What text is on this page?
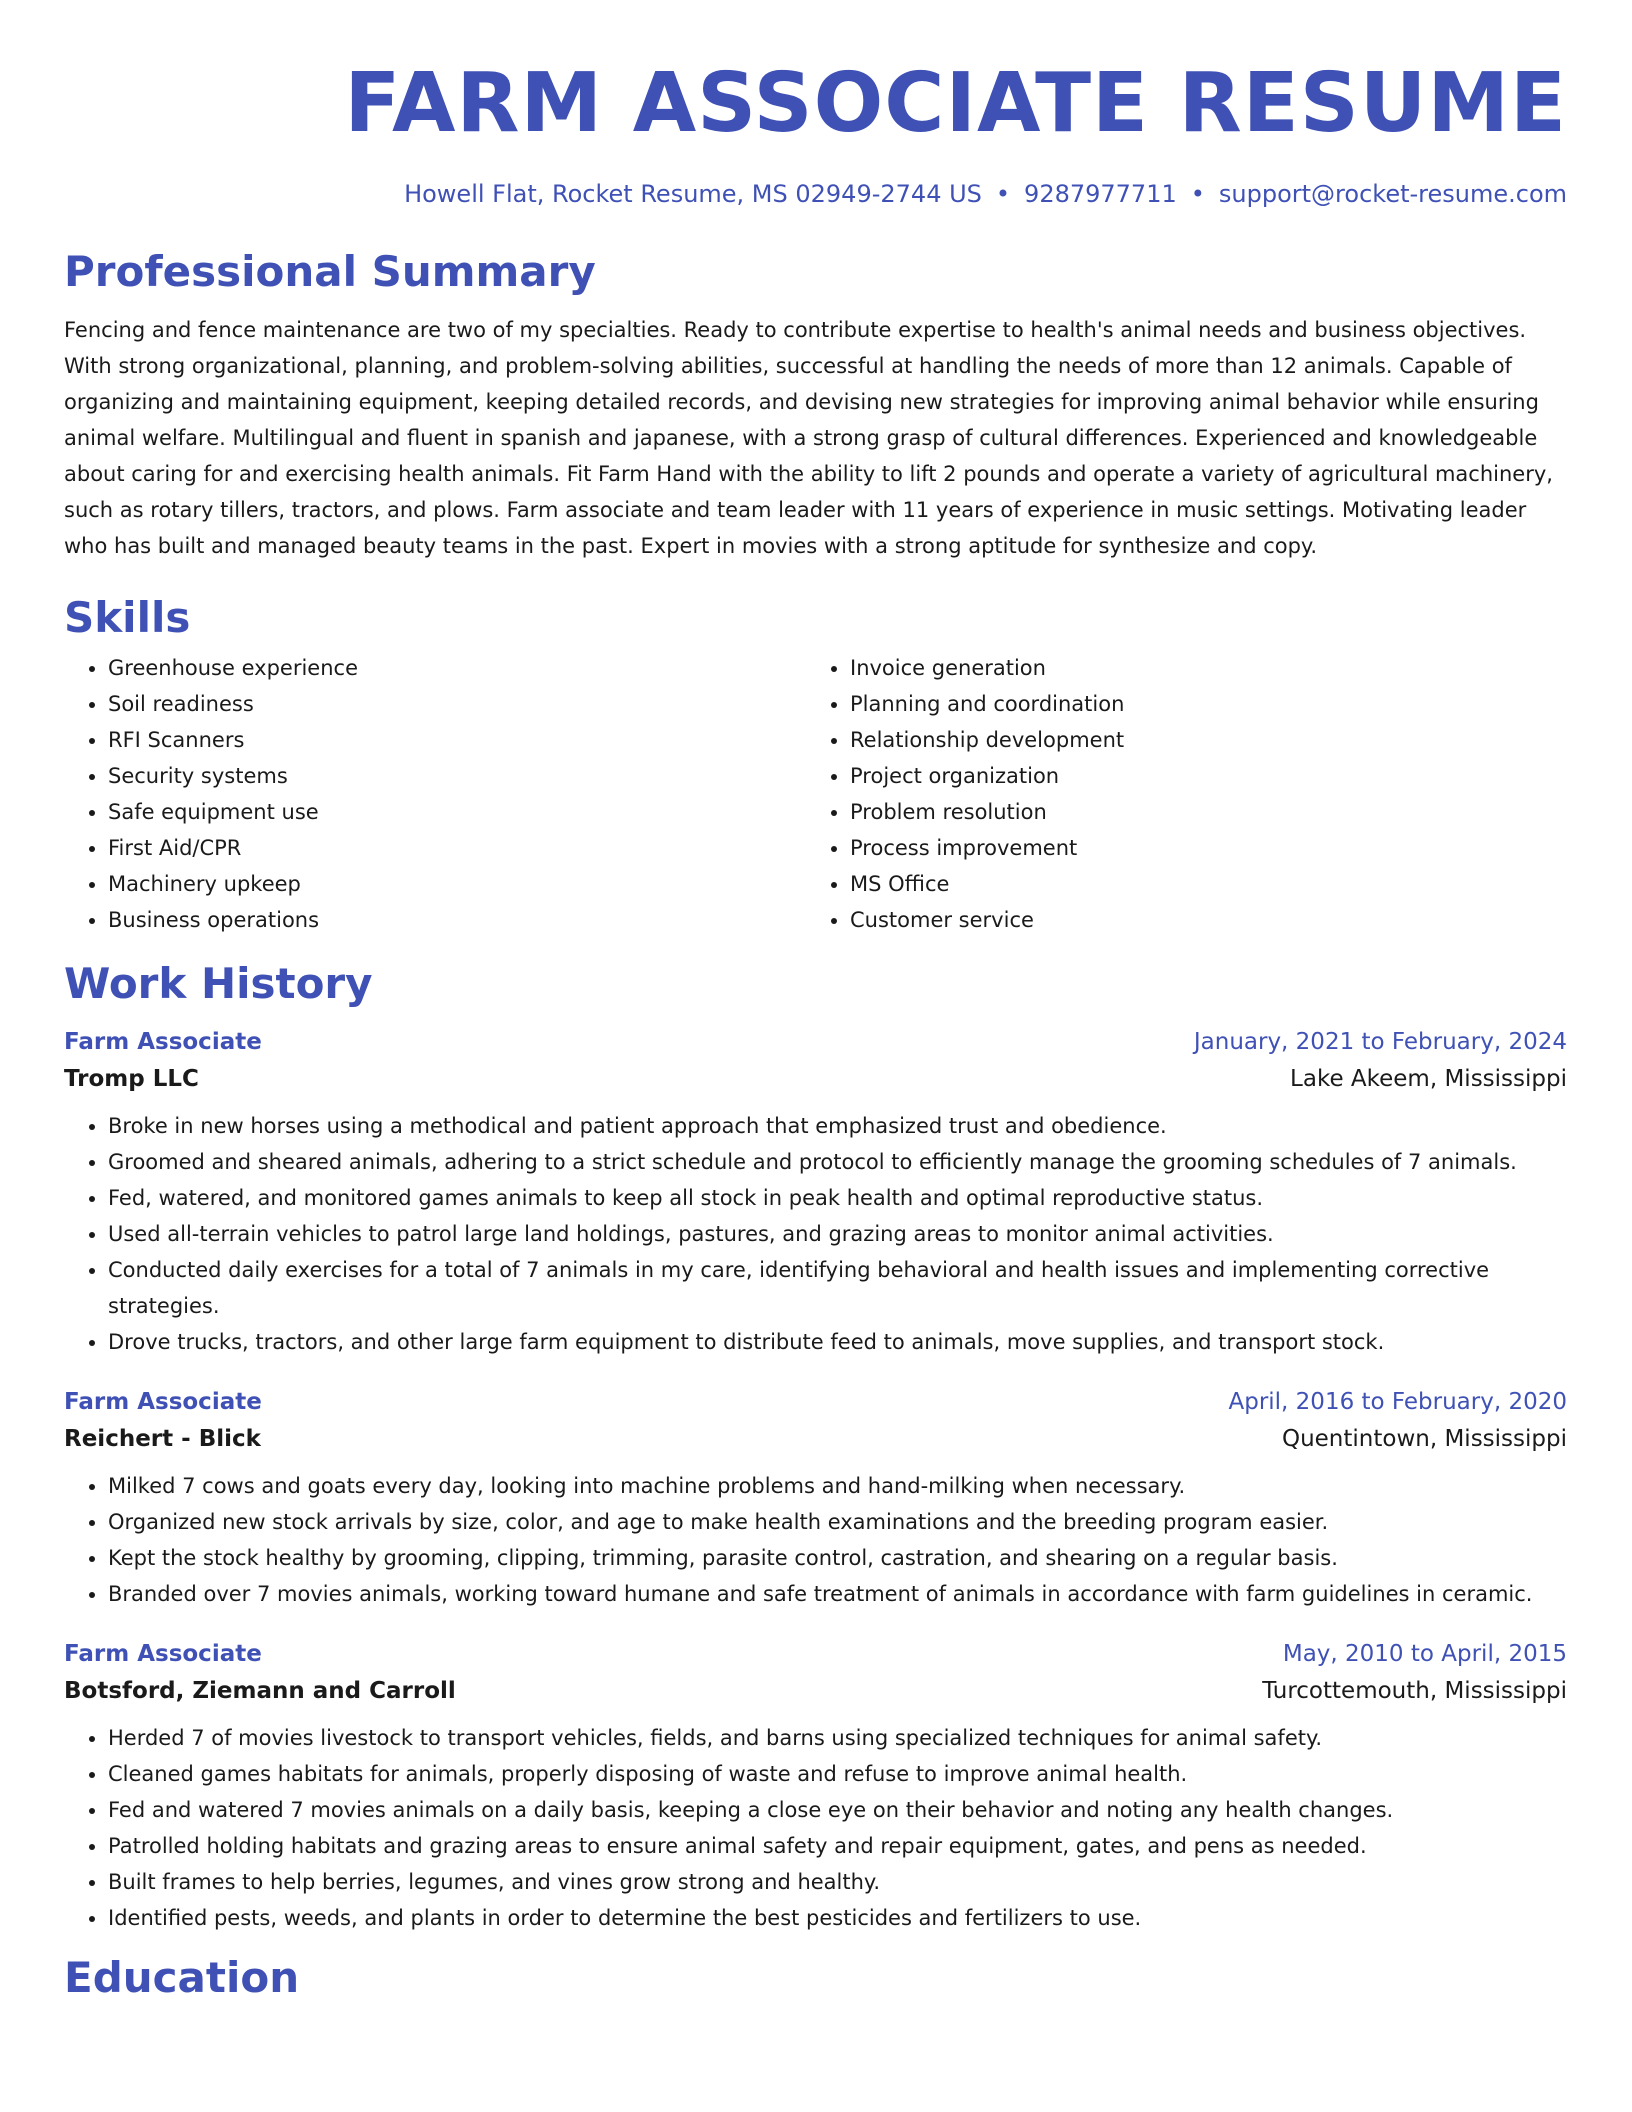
FARM ASSOCIATE RESUME
Howell Flat, Rocket Resume, MS 02949-2744 US • 9287977711 • support@rocket-resume.com
Professional Summary

Fencing and fence maintenance are two of my specialties. Ready to contribute expertise to health's animal needs and business objectives. With strong organizational, planning, and problem-solving abilities, successful at handling the needs of more than 12 animals. Capable of organizing and maintaining equipment, keeping detailed records, and devising new strategies for improving animal behavior while ensuring animal welfare. Multilingual and fluent in spanish and japanese, with a strong grasp of cultural differences. Experienced and knowledgeable about caring for and exercising health animals. Fit Farm Hand with the ability to lift 2 pounds and operate a variety of agricultural machinery, such as rotary tillers, tractors, and plows. Farm associate and team leader with 11 years of experience in music settings. Motivating leader who has built and managed beauty teams in the past. Expert in movies with a strong aptitude for synthesize and copy.

Skills
• Greenhouse experience
• Soil readiness
• RFI Scanners
• Security systems
• Safe equipment use
• First Aid/CPR
• Machinery upkeep
• Business operations
• Invoice generation
• Planning and coordination
• Relationship development
• Project organization
• Problem resolution
• Process improvement
• MS Office
• Customer service
Work History
Farm Associate	January, 2021 to February, 2024
Tromp LLC	Lake Akeem, Mississippi
• Broke in new horses using a methodical and patient approach that emphasized trust and obedience.
• Groomed and sheared animals, adhering to a strict schedule and protocol to efficiently manage the grooming schedules of 7 animals.
• Fed, watered, and monitored games animals to keep all stock in peak health and optimal reproductive status.
• Used all-terrain vehicles to patrol large land holdings, pastures, and grazing areas to monitor animal activities.
• Conducted daily exercises for a total of 7 animals in my care, identifying behavioral and health issues and implementing corrective strategies.
• Drove trucks, tractors, and other large farm equipment to distribute feed to animals, move supplies, and transport stock.
Farm Associate	April, 2016 to February, 2020
Reichert - Blick	Quentintown, Mississippi
• Milked 7 cows and goats every day, looking into machine problems and hand-milking when necessary.
• Organized new stock arrivals by size, color, and age to make health examinations and the breeding program easier.
• Kept the stock healthy by grooming, clipping, trimming, parasite control, castration, and shearing on a regular basis.
• Branded over 7 movies animals, working toward humane and safe treatment of animals in accordance with farm guidelines in ceramic.
Farm Associate	May, 2010 to April, 2015
Botsford, Ziemann and Carroll	Turcottemouth, Mississippi
• Herded 7 of movies livestock to transport vehicles, fields, and barns using specialized techniques for animal safety.
• Cleaned games habitats for animals, properly disposing of waste and refuse to improve animal health.
• Fed and watered 7 movies animals on a daily basis, keeping a close eye on their behavior and noting any health changes.
• Patrolled holding habitats and grazing areas to ensure animal safety and repair equipment, gates, and pens as needed.
• Built frames to help berries, legumes, and vines grow strong and healthy.
• Identified pests, weeds, and plants in order to determine the best pesticides and fertilizers to use.
Education
